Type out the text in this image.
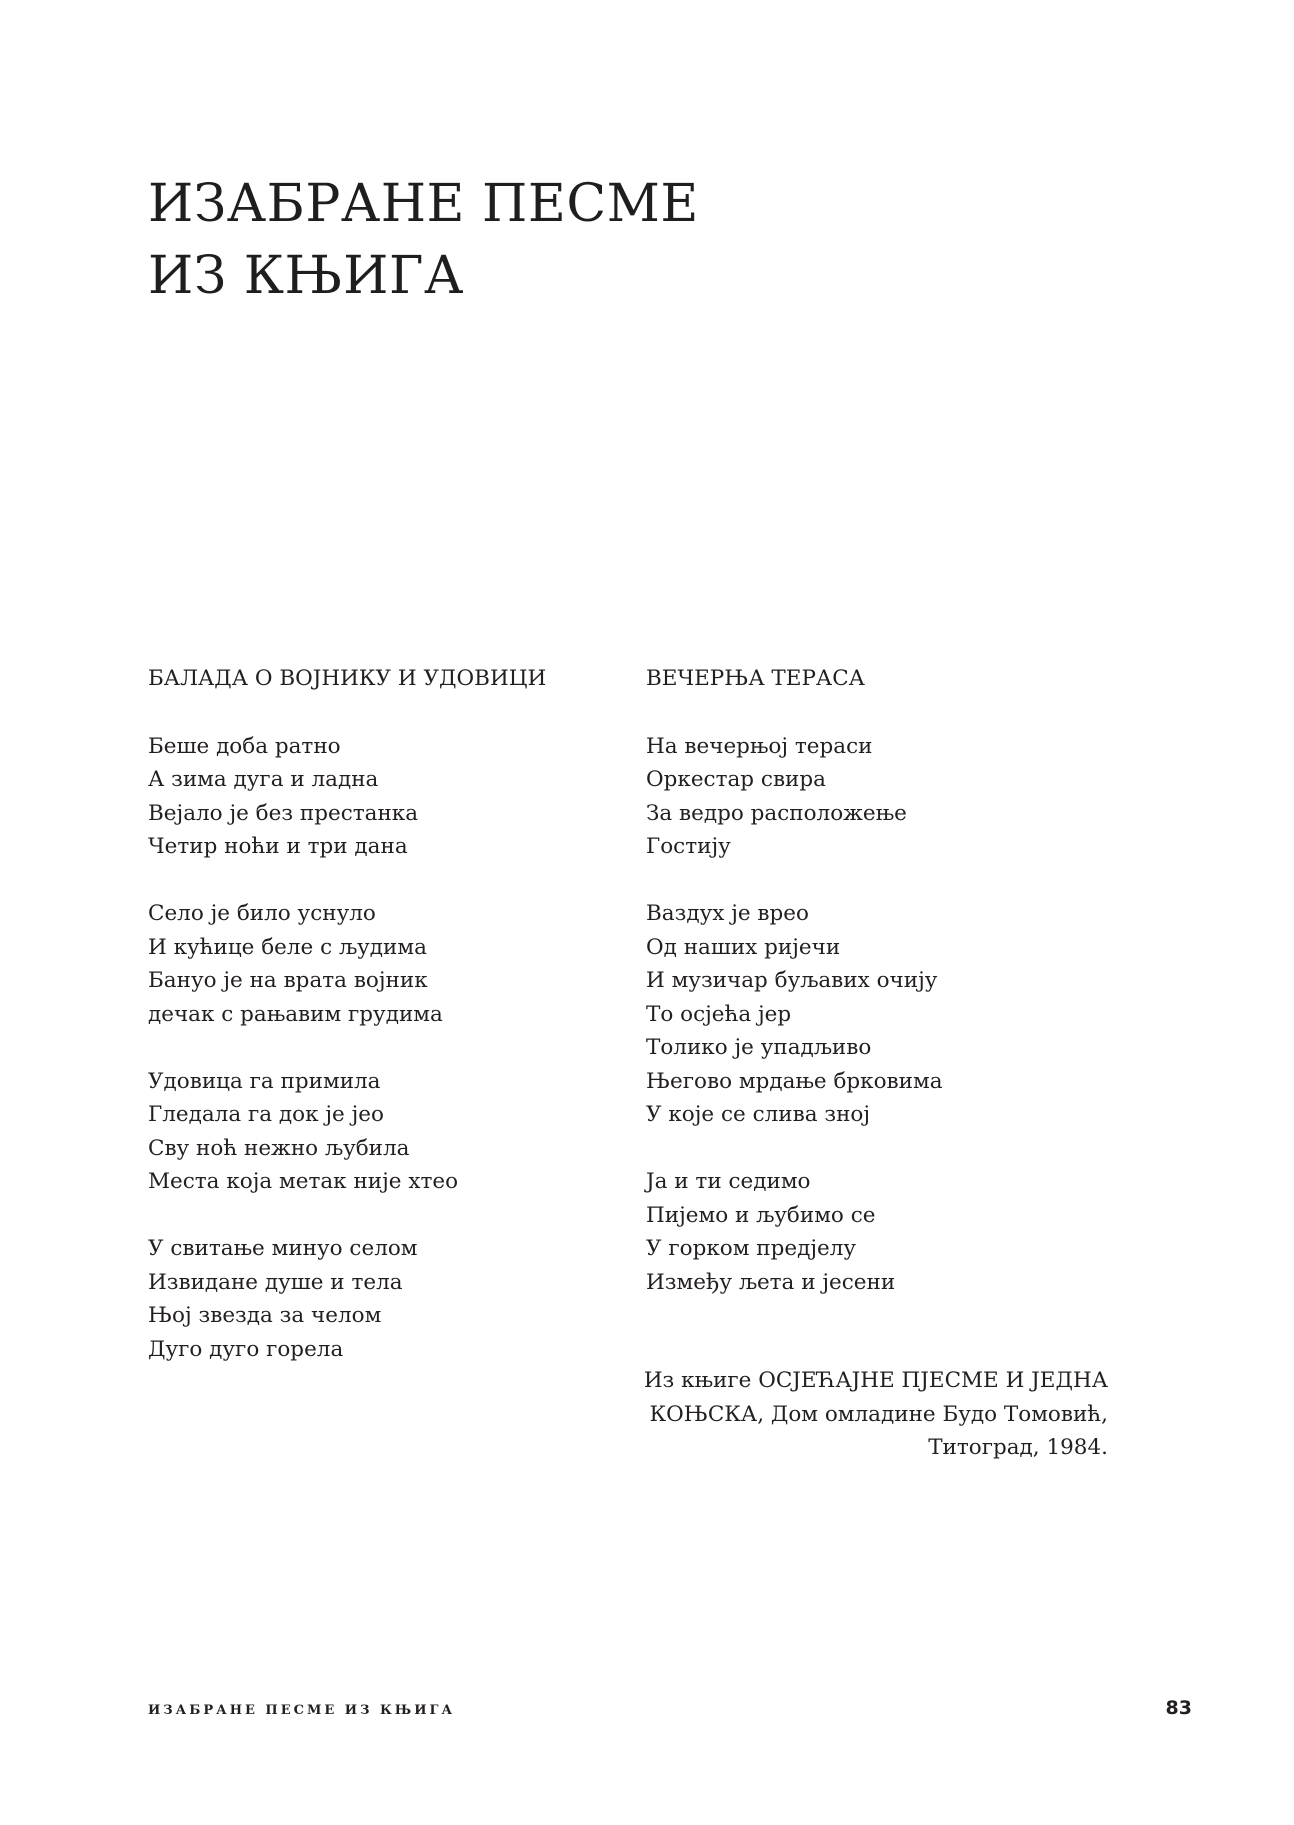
ИЗАБРАНЕ ПЕСМЕ
ИЗ КЊИГА
БАЛАДА О ВОЈНИКУ И УДОВИЦИ
Беше доба ратно
А зима дуга и ладна
Вејало је без престанка
Четир ноћи и три дана
Село је било уснуло
И кућице беле с људима
Бануо је на врата војник
дечак с рањавим грудима
Удовица га примила
Гледала га док је јео
Сву ноћ нежно љубила
Места која метак није хтео
У свитање минуо селом
Извидане душе и тела
Њој звезда за челом
Дуго дуго горела
ВЕЧЕРЊА ТЕРАСА
На вечерњој тераси
Оркестар свира
За ведро расположење
Гостију
Ваздух је врео
Од наших ријечи
И музичар буљавих очију
То осјећа јер
Толико је упадљиво
Његово мрдање брковима
У које се слива зној
Ја и ти седимо
Пијемо и љубимо се
У горком предјелу
Између љета и јесени
Из књиге ОСЈЕЋАЈНЕ ПЈЕСМЕ И ЈЕДНА
КОЊСКА, Дом омладине Будо Томовић,
Титоград, 1984.
ИЗАБРАНЕ ПЕСМЕ ИЗ КЊИГА	83
